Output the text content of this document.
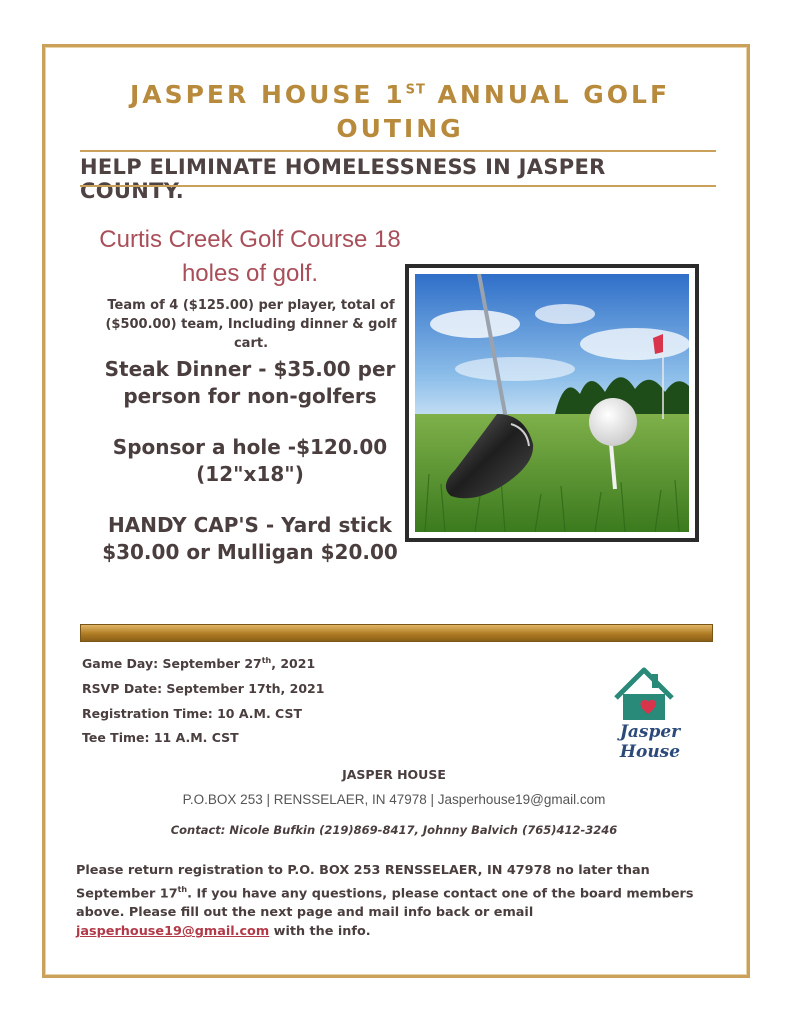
JASPER HOUSE 1ST ANNUAL GOLF
OUTING
HELP ELIMINATE HOMELESSNESS IN JASPER COUNTY.
Curtis Creek Golf Course 18
holes of golf.
Team of 4 ($125.00) per player, total of
($500.00) team, Including dinner & golf
cart.
Steak Dinner - $35.00 per
person for non-golfers
Sponsor a hole -$120.00
(12"x18")
HANDY CAP'S - Yard stick
$30.00 or Mulligan $20.00
Game Day: September 27th, 2021
RSVP Date: September 17th, 2021
Registration Time: 10 A.M. CST
Tee Time: 11 A.M. CST	Jasper House
JASPER HOUSE
P.O.BOX 253 | RENSSELAER, IN 47978 | Jasperhouse19@gmail.com
Contact: Nicole Bufkin (219)869-8417, Johnny Balvich (765)412-3246
Please return registration to P.O. BOX 253 RENSSELAER, IN 47978 no later than September 17th. If you have any questions, please contact one of the board members above. Please fill out the next page and mail info back or email jasperhouse19@gmail.com with the info.
